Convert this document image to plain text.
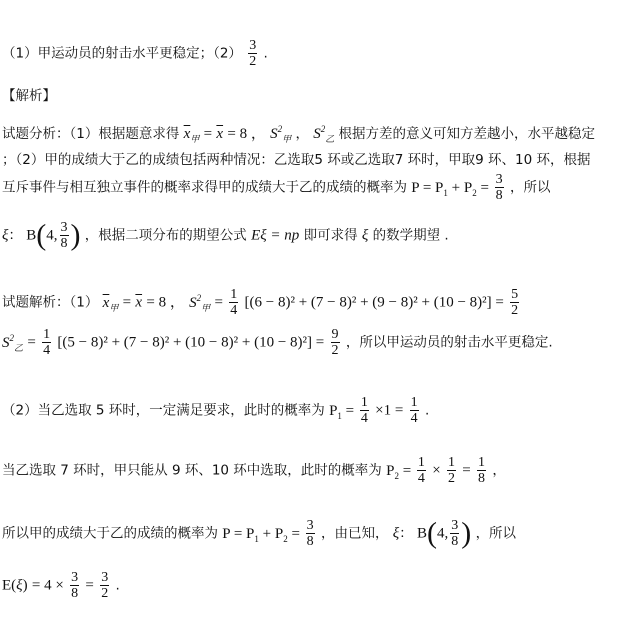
（1）甲运动员的射击水平更稳定；$(2) \frac{3}{2}$ .
【解析】
试题分析：（1）根据题意求得 $\overline{x}_甲 = \overline{x} = 8$ ， $S^2_甲$ ， $S^2_乙$ 根据方差的意义可知方差越小，水平越稳定
；（2）甲的成绩大于乙的成绩包括两种情况：乙选取5 环或乙选取7 环时，甲取9 环、10 环，根据
互斥事件与相互独立事件的概率求得甲的成绩大于乙的成绩的概率为 $P = P_1 + P_2 = \frac{3}{8}$ ，所以
ξ： B(4, $\frac{3}{8}$ ) ，根据二项分布的期望公式 Eξ = np 即可求得 ξ 的数学期望 .
试题解析：（1） $\overline{x}_甲 = \overline{x} = 8$ ， $S^2_甲 = \frac{1}{4} [(6 - 8)^2 + (7 - 8)^2 + (9 - 8)^2 + (10 - 8)^2] = \frac{5}{2}$
$S^2_乙 = \frac{1}{4} [(5 - 8)^2 + (7 - 8)^2 + (10 - 8)^2 + (10 - 8)^2] = \frac{9}{2}$ ，所以甲运动员的射击水平更稳定.
（2）当乙选取 5 环时，一定满足要求，此时的概率为 $P_1 = \frac{1}{4} \times 1 = \frac{1}{4}$ .
当乙选取 7 环时，甲只能从 9 环、10 环中选取，此时的概率为 $P_2 = \frac{1}{4} \times \frac{1}{2} = \frac{1}{8}$ ，
所以甲的成绩大于乙的成绩的概率为 $P = P_1 + P_2 = \frac{3}{8}$ ，由已知， ξ： B(4, $\frac{3}{8}$ ) ，所以
$E(\xi) = 4 \times \frac{3}{8} = \frac{3}{2}$ .
